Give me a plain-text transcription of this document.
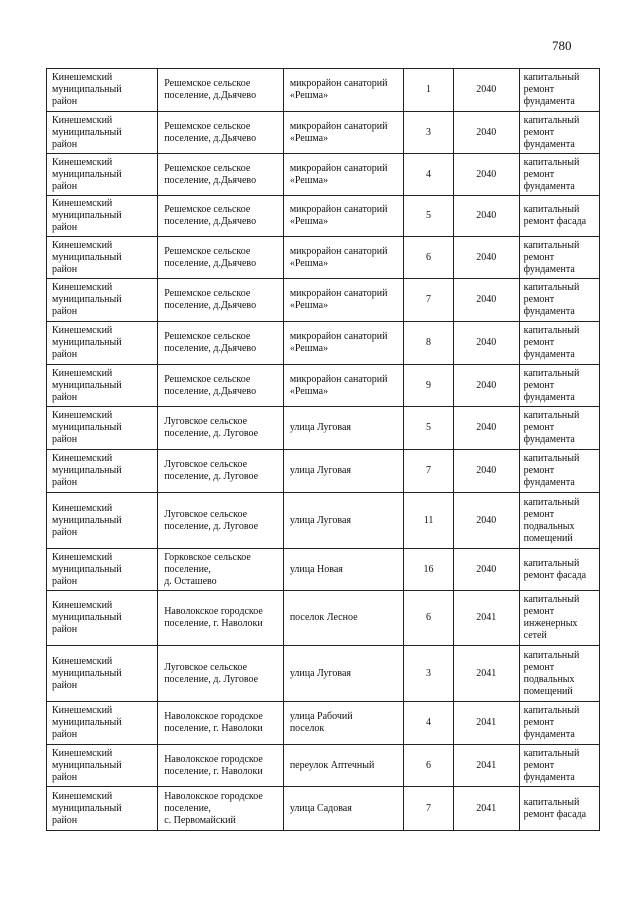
780
Кинешемский
муниципальный
район	Решемское сельское
поселение, д.Дьячево	микрорайон санаторий
«Решма»	1	2040	капитальный
ремонт
фундамента

Кинешемский
муниципальный
район	Решемское сельское
поселение, д.Дьячево	микрорайон санаторий
«Решма»	3	2040	капитальный
ремонт
фундамента

Кинешемский
муниципальный
район	Решемское сельское
поселение, д.Дьячево	микрорайон санаторий
«Решма»	4	2040	капитальный
ремонт
фундамента

Кинешемский
муниципальный
район	Решемское сельское
поселение, д.Дьячево	микрорайон санаторий
«Решма»	5	2040	капитальный
ремонт фасада

Кинешемский
муниципальный
район	Решемское сельское
поселение, д.Дьячево	микрорайон санаторий
«Решма»	6	2040	капитальный
ремонт
фундамента

Кинешемский
муниципальный
район	Решемское сельское
поселение, д.Дьячево	микрорайон санаторий
«Решма»	7	2040	капитальный
ремонт
фундамента

Кинешемский
муниципальный
район	Решемское сельское
поселение, д.Дьячево	микрорайон санаторий
«Решма»	8	2040	капитальный
ремонт
фундамента

Кинешемский
муниципальный
район	Решемское сельское
поселение, д.Дьячево	микрорайон санаторий
«Решма»	9	2040	капитальный
ремонт
фундамента

Кинешемский
муниципальный
район	Луговское сельское
поселение, д. Луговое	улица Луговая	5	2040	капитальный
ремонт
фундамента

Кинешемский
муниципальный
район	Луговское сельское
поселение, д. Луговое	улица Луговая	7	2040	капитальный
ремонт
фундамента

Кинешемский
муниципальный
район	Луговское сельское
поселение, д. Луговое	улица Луговая	11	2040	капитальный
ремонт
подвальных
помещений

Кинешемский
муниципальный
район	Горковское сельское
поселение,
д. Осташево	улица Новая	16	2040	капитальный
ремонт фасада

Кинешемский
муниципальный
район	Наволокское городское
поселение, г. Наволоки	поселок Лесное	6	2041	капитальный
ремонт
инженерных
сетей

Кинешемский
муниципальный
район	Луговское сельское
поселение, д. Луговое	улица Луговая	3	2041	капитальный
ремонт
подвальных
помещений

Кинешемский
муниципальный
район	Наволокское городское
поселение, г. Наволоки	улица Рабочий
поселок	4	2041	капитальный
ремонт
фундамента

Кинешемский
муниципальный
район	Наволокское городское
поселение, г. Наволоки	переулок Аптечный	6	2041	капитальный
ремонт
фундамента

Кинешемский
муниципальный
район	Наволокское городское
поселение,
с. Первомайский	улица Садовая	7	2041	капитальный
ремонт фасада
